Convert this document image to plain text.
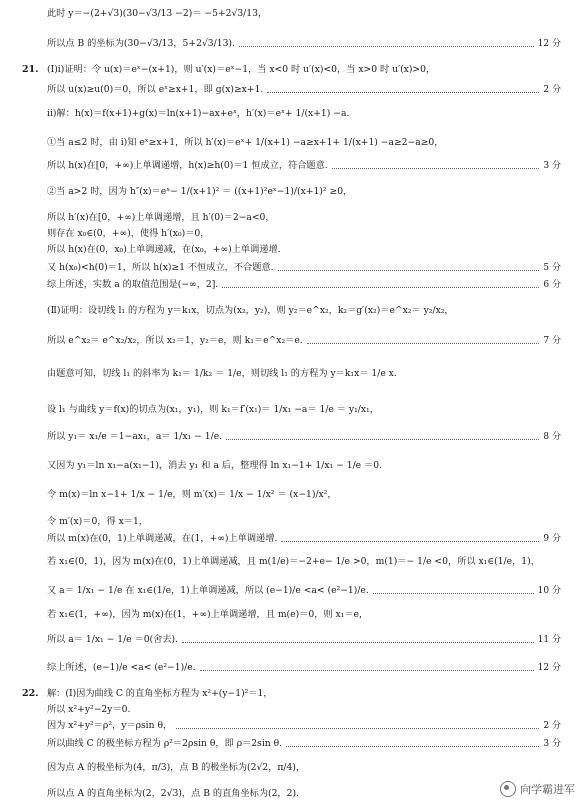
21.
22.
此时 y＝−(2+√3)(30−√3/13 −2)＝ −5+2√3/13，
所以点 B 的坐标为(30−√3/13，5+2√3/13).	12 分
(Ⅰ)i)证明：令 u(x)＝eˣ−(x+1)，则 u′(x)＝eˣ−1，当 x<0 时 u′(x)<0，当 x>0 时 u′(x)>0，
所以 u(x)≥u(0)＝0，所以 eˣ≥x+1，即 g(x)≥x+1.	2 分
ii)解：h(x)＝f(x+1)+g(x)＝ln(x+1)−ax+eˣ，h′(x)＝eˣ+ 1/(x+1) −a.
①当 a≤2 时，由 i)知 eˣ≥x+1，所以 h′(x)＝eˣ+ 1/(x+1) −a≥x+1+ 1/(x+1) −a≥2−a≥0，
所以 h(x)在[0，+∞)上单调递增，h(x)≥h(0)＝1 恒成立，符合题意.	3 分
②当 a>2 时，因为 h″(x)＝eˣ− 1/(x+1)² ＝ ((x+1)²eˣ−1)/(x+1)² ≥0，
所以 h′(x)在[0，+∞)上单调递增，且 h′(0)＝2−a<0，
则存在 x₀∈(0，+∞)，使得 h′(x₀)＝0，
所以 h(x)在(0，x₀)上单调递减，在(x₀，+∞)上单调递增.
又 h(x₀)<h(0)＝1，所以 h(x)≥1 不恒成立，不合题意.	5 分
综上所述，实数 a 的取值范围是(−∞，2].	6 分
(Ⅱ)证明：设切线 l₁ 的方程为 y＝k₁x，切点为(x₂，y₂)，则 y₂＝e^x₂，k₂＝g′(x₂)＝e^x₂＝ y₂/x₂，
所以 e^x₂＝ e^x₂/x₂，所以 x₂＝1，y₂＝e，则 k₁＝e^x₂＝e.	7 分
由题意可知，切线 l₁ 的斜率为 k₁＝ 1/k₂ ＝ 1/e，则切线 l₁ 的方程为 y＝k₁x＝ 1/e x.
设 l₁ 与曲线 y＝f(x)的切点为(x₁，y₁)，则 k₁＝f′(x₁)＝ 1/x₁ −a＝ 1/e ＝ y₁/x₁，
所以 y₁＝ x₁/e ＝1−ax₁，a＝ 1/x₁ − 1/e.	8 分
又因为 y₁＝ln x₁−a(x₁−1)，消去 y₁ 和 a 后，整理得 ln x₁−1+ 1/x₁ − 1/e ＝0.
令 m(x)＝ln x−1+ 1/x − 1/e，则 m′(x)＝ 1/x − 1/x² ＝ (x−1)/x²，
令 m′(x)＝0，得 x＝1，
所以 m(x)在(0，1)上单调递减，在(1，+∞)上单调递增.	9 分
若 x₁∈(0，1)，因为 m(x)在(0，1)上单调递减，且 m(1/e)＝−2+e− 1/e >0，m(1)＝− 1/e <0，所以 x₁∈(1/e，1)，
又 a＝ 1/x₁ − 1/e 在 x₁∈(1/e，1)上单调递减，所以 (e−1)/e <a< (e²−1)/e.	10 分
若 x₁∈(1，+∞)，因为 m(x)在(1，+∞)上单调递增，且 m(e)＝0，则 x₁＝e，
所以 a＝ 1/x₁ − 1/e ＝0(舍去).	11 分
综上所述，(e−1)/e <a< (e²−1)/e.	12 分
解：(Ⅰ)因为曲线 C 的直角坐标方程为 x²+(y−1)²＝1，
所以 x²+y²−2y＝0.
因为 x²+y²＝ρ²，y＝ρsin θ，	2 分
所以曲线 C 的极坐标方程为 ρ²＝2ρsin θ，即 ρ＝2sin θ.	3 分
因为点 A 的极坐标为(4，π/3)，点 B 的极坐标为(2√2，π/4)，
所以点 A 的直角坐标为(2，2√3)，点 B 的直角坐标为(2，2).	向学霸进军
